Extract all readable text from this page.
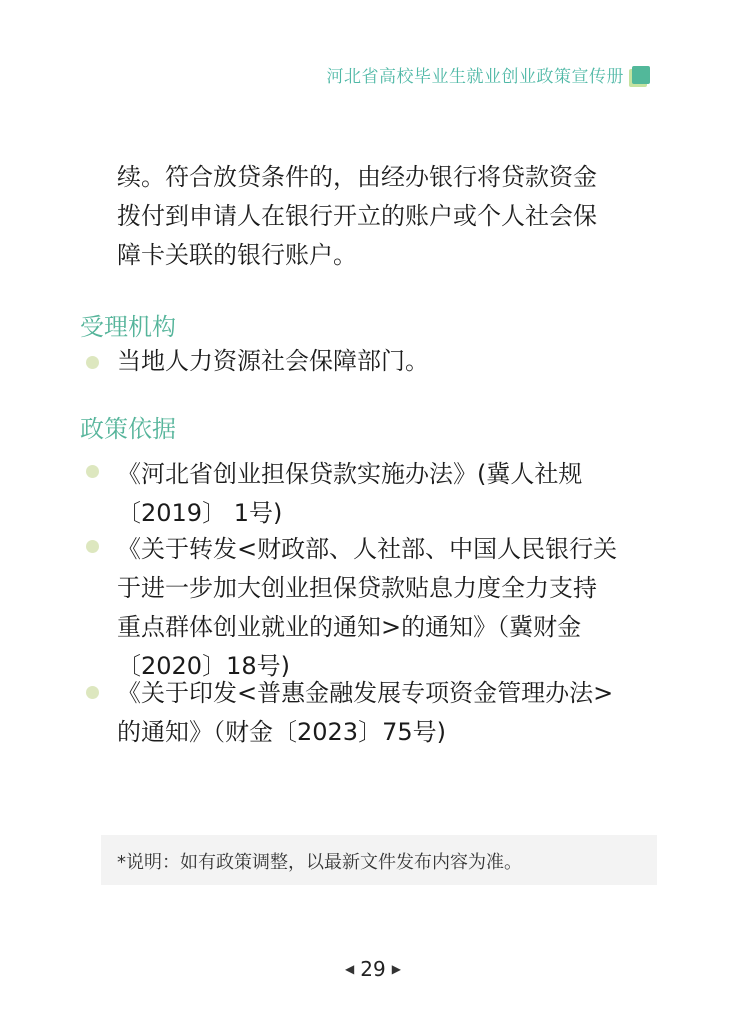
河北省高校毕业生就业创业政策宣传册

续。符合放贷条件的，由经办银行将贷款资金

拨付到申请人在银行开立的账户或个人社会保

障卡关联的银行账户。

受理机构
当地人力资源社会保障部门。
政策依据
《河北省创业担保贷款实施办法》(冀人社规
〔2019〕 1号)
《关于转发<财政部、人社部、中国人民银行关
于进一步加大创业担保贷款贴息力度全力支持
重点群体创业就业的通知>的通知》（冀财金
〔2020〕18号)
《关于印发<普惠金融发展专项资金管理办法>
的通知》（财金〔2023〕75号)
*说明：如有政策调整，以最新文件发布内容为准。
◀ 29 ▶
